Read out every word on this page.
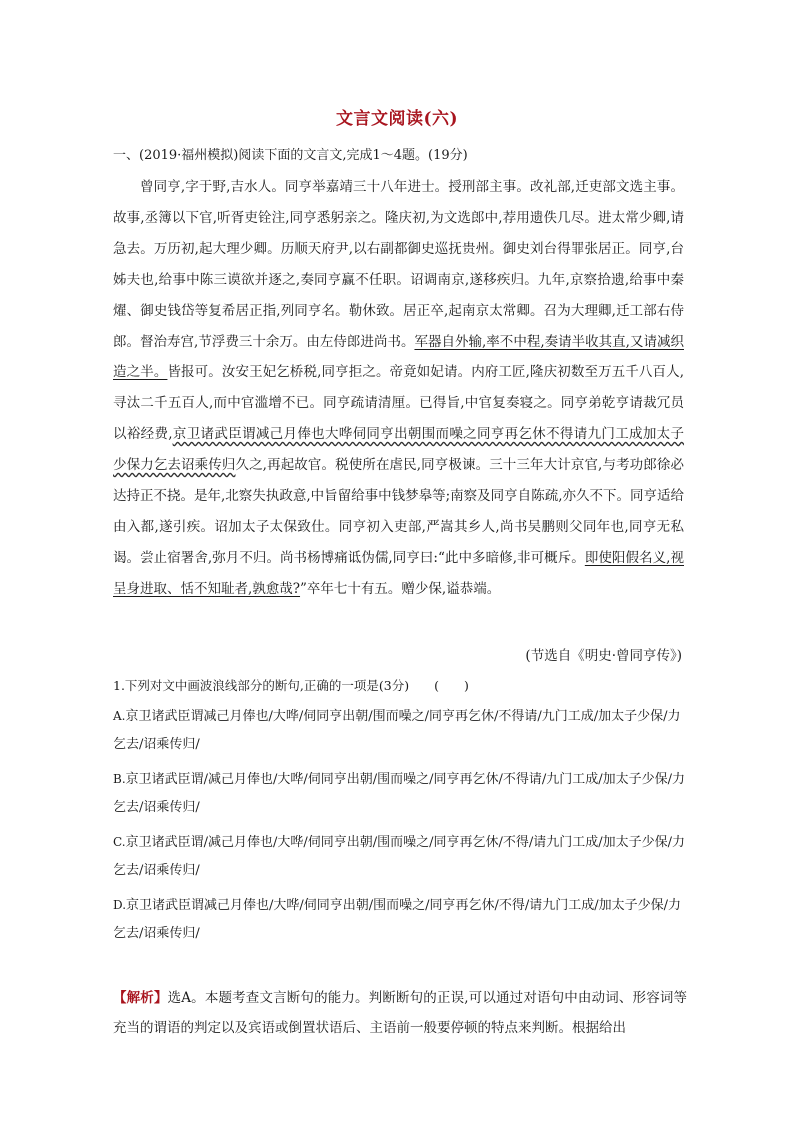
文言文阅读(六)
一、(2019·福州模拟)阅读下面的文言文,完成1～4题。(19分)

曾同亨,字于野,吉水人。同亨举嘉靖三十八年进士。授刑部主事。改礼部,迁吏部文选主事。故事,丞簿以下官,听胥吏铨注,同亨悉躬亲之。隆庆初,为文选郎中,荐用遗佚几尽。进太常少卿,请急去。万历初,起大理少卿。历顺天府尹,以右副都御史巡抚贵州。御史刘台得罪张居正。同亨,台姊夫也,给事中陈三谟欲并逐之,奏同亨赢不任职。诏调南京,遂移疾归。九年,京察拾遗,给事中秦燿、御史钱岱等复希居正指,列同亨名。勒休致。居正卒,起南京太常卿。召为大理卿,迁工部右侍郎。督治寿宫,节浮费三十余万。由左侍郎进尚书。军器自外输,率不中程,奏请半收其直,又请减织造之半。皆报可。汝安王妃乞桥税,同亨拒之。帝竟如妃请。内府工匠,隆庆初数至万五千八百人,寻汰二千五百人,而中官滥增不已。同亨疏请清厘。已得旨,中官复奏寝之。同亨弟乾亨请裁冗员以裕经费,京卫诸武臣谓减己月俸也大哗伺同亨出朝围而噪之同亨再乞休不得请九门工成加太子少保力乞去诏乘传归久之,再起故官。税使所在虐民,同亨极谏。三十三年大计京官,与考功郎徐必达持正不挠。是年,北察失执政意,中旨留给事中钱梦皋等;南察及同亨自陈疏,亦久不下。同亨适给由入都,遂引疾。诏加太子太保致仕。同亨初入吏部,严嵩其乡人,尚书吴鹏则父同年也,同亨无私谒。尝止宿署舍,弥月不归。尚书杨博痛诋伪儒,同亨曰:“此中多暗修,非可概斥。即使阳假名义,视呈身进取、恬不知耻者,孰愈哉?”卒年七十有五。赠少保,谥恭端。

(节选自《明史·曾同亨传》)

1.下列对文中画波浪线部分的断句,正确的一项是(3分)　　(　　)

A.京卫诸武臣谓减己月俸也/大哗/伺同亨出朝/围而噪之/同亨再乞休/不得请/九门工成/加太子少保/力乞去/诏乘传归/

B.京卫诸武臣谓/减己月俸也/大哗/伺同亨出朝/围而噪之/同亨再乞休/不得请/九门工成/加太子少保/力乞去/诏乘传归/

C.京卫诸武臣谓/减己月俸也/大哗/伺同亨出朝/围而噪之/同亨再乞休/不得/请九门工成/加太子少保/力乞去/诏乘传归/

D.京卫诸武臣谓减己月俸也/大哗/伺同亨出朝/围而噪之/同亨再乞休/不得/请九门工成/加太子少保/力乞去/诏乘传归/

【解析】选A。本题考查文言断句的能力。判断断句的正误,可以通过对语句中由动词、形容词等充当的谓语的判定以及宾语或倒置状语后、主语前一般要停顿的特点来判断。根据给出
